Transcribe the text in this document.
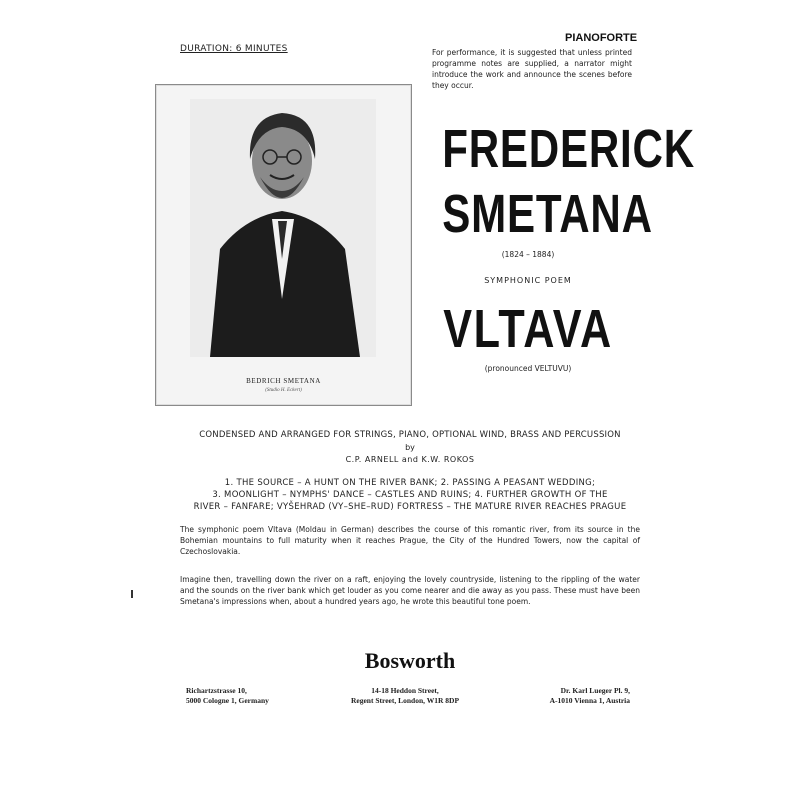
DURATION: 6 MINUTES
PIANOFORTE
For performance, it is suggested that unless printed programme notes are supplied, a narrator might introduce the work and announce the scenes before they occur.
BEDRICH SMETANA
(Studio H. Eckert)
FREDERICK
SMETANA
(1824 – 1884)
SYMPHONIC POEM
VLTAVA
(pronounced VELTUVU)
CONDENSED AND ARRANGED FOR STRINGS, PIANO, OPTIONAL WIND, BRASS AND PERCUSSION
by
C.P. ARNELL and K.W. ROKOS
1. THE SOURCE – A HUNT ON THE RIVER BANK; 2. PASSING A PEASANT WEDDING;
3. MOONLIGHT – NYMPHS' DANCE – CASTLES AND RUINS; 4. FURTHER GROWTH OF THE
RIVER – FANFARE; VYŠEHRAD (VY–SHE–RUD) FORTRESS – THE MATURE RIVER REACHES PRAGUE
The symphonic poem Vltava (Moldau in German) describes the course of this romantic river, from its source in the Bohemian mountains to full maturity when it reaches Prague, the City of the Hundred Towers, now the capital of Czechoslovakia.
Imagine then, travelling down the river on a raft, enjoying the lovely countryside, listening to the rippling of the water and the sounds on the river bank which get louder as you come nearer and die away as you pass. These must have been Smetana's impressions when, about a hundred years ago, he wrote this beautiful tone poem.
Bosworth
Richartzstrasse 10,
5000 Cologne 1, Germany
14-18 Heddon Street,
Regent Street, London, W1R 8DP
Dr. Karl Lueger Pl. 9,
A-1010 Vienna 1, Austria
